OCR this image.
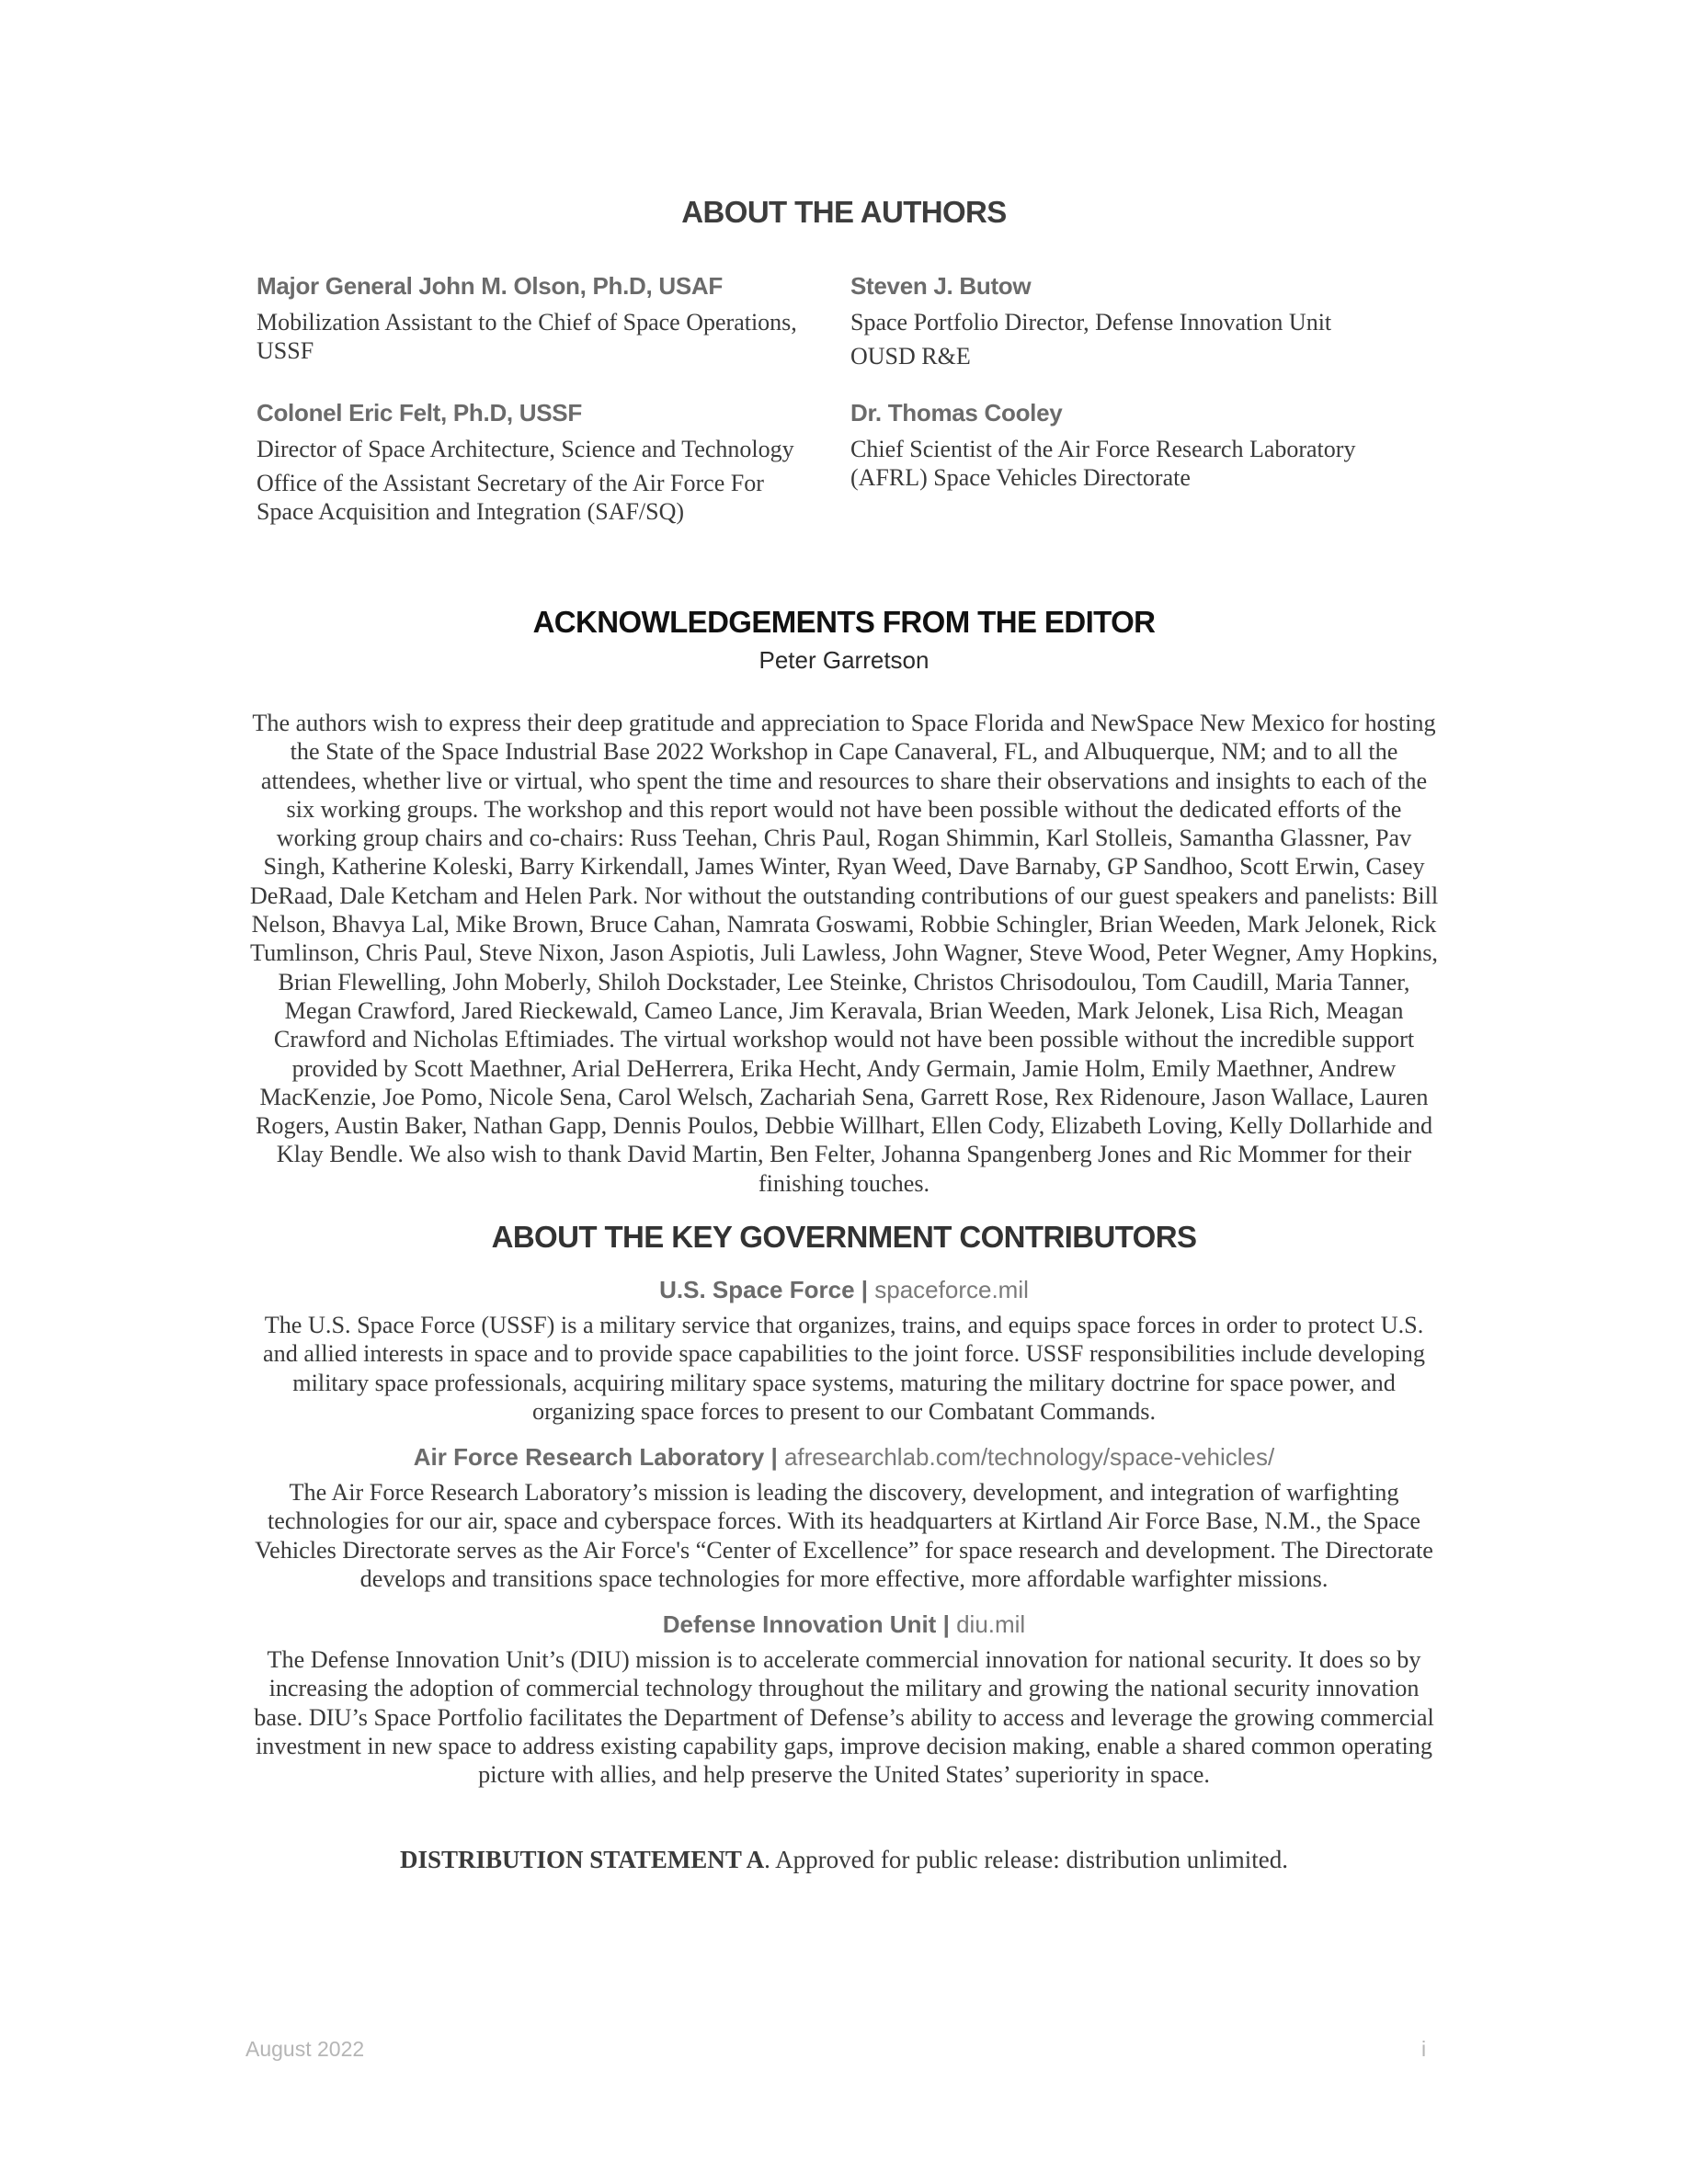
ABOUT THE AUTHORS

Major General John M. Olson, Ph.D, USAF

Mobilization Assistant to the Chief of Space Operations, USSF

Steven J. Butow

Space Portfolio Director, Defense Innovation Unit

OUSD R&E

Colonel Eric Felt, Ph.D, USSF

Director of Space Architecture, Science and Technology

Office of the Assistant Secretary of the Air Force For Space Acquisition and Integration (SAF/SQ)

Dr. Thomas Cooley

Chief Scientist of the Air Force Research Laboratory (AFRL) Space Vehicles Directorate

ACKNOWLEDGEMENTS FROM THE EDITOR
Peter Garretson

The authors wish to express their deep gratitude and appreciation to Space Florida and NewSpace New Mexico for hosting the State of the Space Industrial Base 2022 Workshop in Cape Canaveral, FL, and Albuquerque, NM; and to all the attendees, whether live or virtual, who spent the time and resources to share their observations and insights to each of the six working groups. The workshop and this report would not have been possible without the dedicated efforts of the working group chairs and co-chairs: Russ Teehan, Chris Paul, Rogan Shimmin, Karl Stolleis, Samantha Glassner, Pav Singh, Katherine Koleski, Barry Kirkendall, James Winter, Ryan Weed, Dave Barnaby, GP Sandhoo, Scott Erwin, Casey DeRaad, Dale Ketcham and Helen Park. Nor without the outstanding contributions of our guest speakers and panelists: Bill Nelson, Bhavya Lal, Mike Brown, Bruce Cahan, Namrata Goswami, Robbie Schingler, Brian Weeden, Mark Jelonek, Rick Tumlinson, Chris Paul, Steve Nixon, Jason Aspiotis, Juli Lawless, John Wagner, Steve Wood, Peter Wegner, Amy Hopkins, Brian Flewelling, John Moberly, Shiloh Dockstader, Lee Steinke, Christos Chrisodoulou, Tom Caudill, Maria Tanner, Megan Crawford, Jared Rieckewald, Cameo Lance, Jim Keravala, Brian Weeden, Mark Jelonek, Lisa Rich, Meagan Crawford and Nicholas Eftimiades. The virtual workshop would not have been possible without the incredible support provided by Scott Maethner, Arial DeHerrera, Erika Hecht, Andy Germain, Jamie Holm, Emily Maethner, Andrew MacKenzie, Joe Pomo, Nicole Sena, Carol Welsch, Zachariah Sena, Garrett Rose, Rex Ridenoure, Jason Wallace, Lauren Rogers, Austin Baker, Nathan Gapp, Dennis Poulos, Debbie Willhart, Ellen Cody, Elizabeth Loving, Kelly Dollarhide and Klay Bendle. We also wish to thank David Martin, Ben Felter, Johanna Spangenberg Jones and Ric Mommer for their finishing touches.

ABOUT THE KEY GOVERNMENT CONTRIBUTORS

U.S. Space Force | spaceforce.mil

The U.S. Space Force (USSF) is a military service that organizes, trains, and equips space forces in order to protect U.S. and allied interests in space and to provide space capabilities to the joint force. USSF responsibilities include developing military space professionals, acquiring military space systems, maturing the military doctrine for space power, and organizing space forces to present to our Combatant Commands.

Air Force Research Laboratory | afresearchlab.com/technology/space-vehicles/

The Air Force Research Laboratory’s mission is leading the discovery, development, and integration of warfighting technologies for our air, space and cyberspace forces. With its headquarters at Kirtland Air Force Base, N.M., the Space Vehicles Directorate serves as the Air Force's “Center of Excellence” for space research and development. The Directorate develops and transitions space technologies for more effective, more affordable warfighter missions.

Defense Innovation Unit | diu.mil

The Defense Innovation Unit’s (DIU) mission is to accelerate commercial innovation for national security. It does so by increasing the adoption of commercial technology throughout the military and growing the national security innovation base. DIU’s Space Portfolio facilitates the Department of Defense’s ability to access and leverage the growing commercial investment in new space to address existing capability gaps, improve decision making, enable a shared common operating picture with allies, and help preserve the United States’ superiority in space.

DISTRIBUTION STATEMENT A. Approved for public release: distribution unlimited.

August 2022	i
